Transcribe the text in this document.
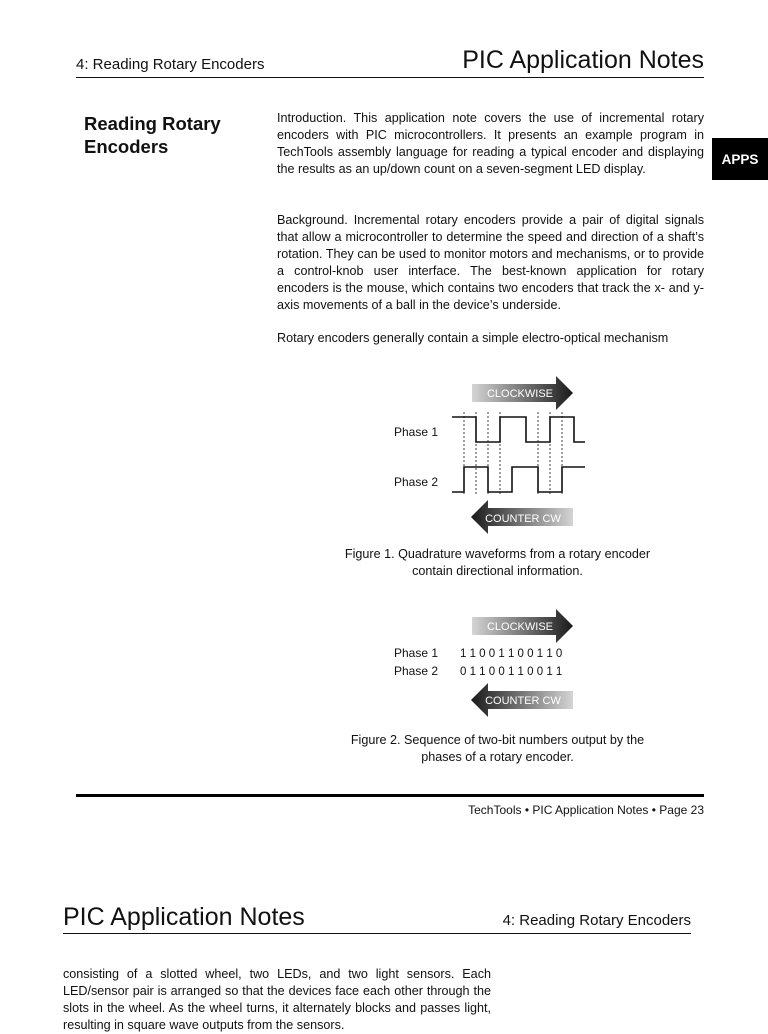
4: Reading Rotary Encoders	PIC Application Notes
Reading Rotary Encoders
APPS

Introduction. This application note covers the use of incremental rotary encoders with PIC microcontrollers. It presents an example program in TechTools assembly language for reading a typical encoder and displaying the results as an up/down count on a seven-segment LED display.

Background. Incremental rotary encoders provide a pair of digital signals that allow a microcontroller to determine the speed and direction of a shaft’s rotation. They can be used to monitor motors and mechanisms, or to provide a control-knob user interface. The best-known application for rotary encoders is the mouse, which contains two encoders that track the x- and y-axis movements of a ball in the device’s underside.

Rotary encoders generally contain a simple electro-optical mechanism

CLOCKWISE
Phase 1
Phase 2
COUNTER CW
Figure 1. Quadrature waveforms from a rotary encoder contain directional information.
CLOCKWISE
Phase 1 1 1 0 0 1 1 0 0 1 1 0
Phase 2 0 1 1 0 0 1 1 0 0 1 1
COUNTER CW
Figure 2. Sequence of two-bit numbers output by the phases of a rotary encoder.
TechTools • PIC Application Notes • Page 23
PIC Application Notes	4: Reading Rotary Encoders

consisting of a slotted wheel, two LEDs, and two light sensors. Each LED/sensor pair is arranged so that the devices face each other through the slots in the wheel. As the wheel turns, it alternately blocks and passes light, resulting in square wave outputs from the sensors.
